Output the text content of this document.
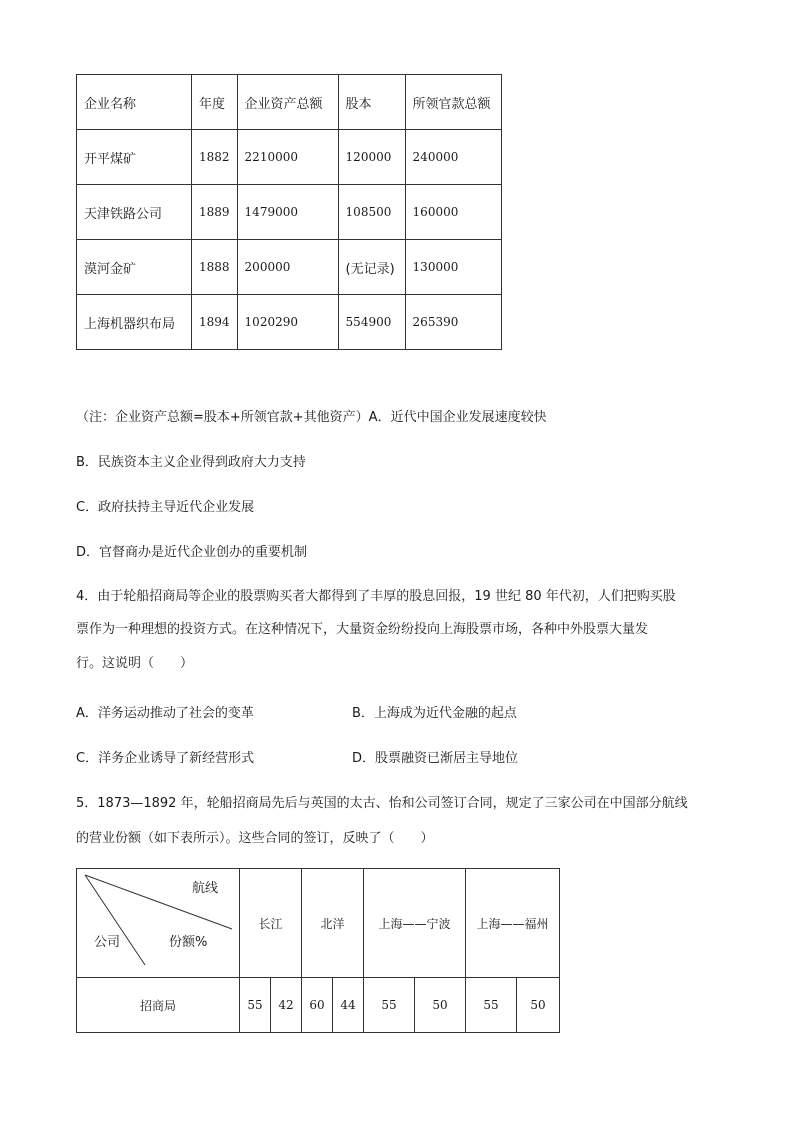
企业名称	年度	企业资产总额	股本	所领官款总额
开平煤矿	1882	2210000	120000	240000
天津铁路公司	1889	1479000	108500	160000
漠河金矿	1888	200000	(无记录)	130000
上海机器织布局	1894	1020290	554900	265390
（注：企业资产总额=股本+所领官款+其他资产）A．近代中国企业发展速度较快
B．民族资本主义企业得到政府大力支持
C．政府扶持主导近代企业发展
D．官督商办是近代企业创办的重要机制
4．由于轮船招商局等企业的股票购买者大都得到了丰厚的股息回报，19 世纪 80 年代初，人们把购买股
票作为一种理想的投资方式。在这种情况下，大量资金纷纷投向上海股票市场，各种中外股票大量发
行。这说明（　　）
A．洋务运动推动了社会的变革	B．上海成为近代金融的起点
C．洋务企业诱导了新经营形式	D．股票融资已渐居主导地位
5．1873—1892 年，轮船招商局先后与英国的太古、怡和公司签订合同，规定了三家公司在中国部分航线
的营业份额（如下表所示）。这些合同的签订，反映了（　　）
航线
公司 份额%	长江		北洋		上海——宁波		上海——福州	
招商局	55	42	60	44	55	50	55	50
